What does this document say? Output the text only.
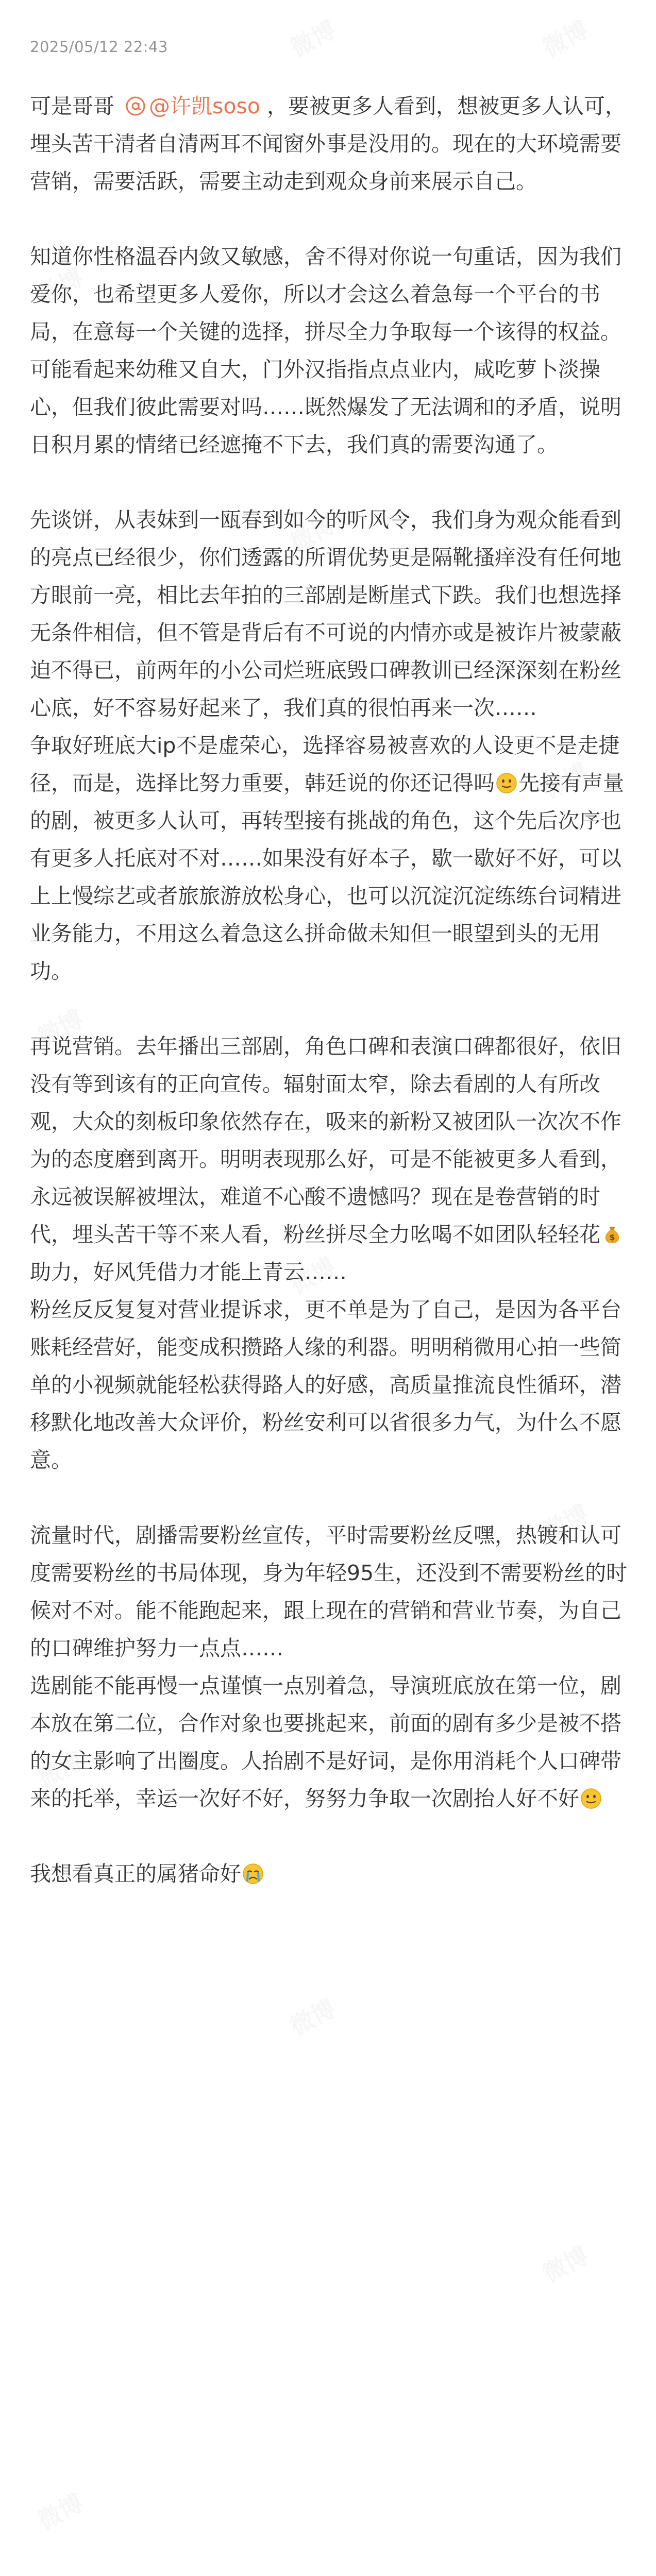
2025/05/12 22:43

可是哥哥 @许凯soso ，要被更多人看到，想被更多人认可，埋头苦干清者自清两耳不闻窗外事是没用的。现在的大环境需要营销，需要活跃，需要主动走到观众身前来展示自己。

知道你性格温吞内敛又敏感，舍不得对你说一句重话，因为我们爱你，也希望更多人爱你，所以才会这么着急每一个平台的书局，在意每一个关键的选择，拼尽全力争取每一个该得的权益。可能看起来幼稚又自大，门外汉指指点点业内，咸吃萝卜淡操心，但我们彼此需要对吗……既然爆发了无法调和的矛盾，说明日积月累的情绪已经遮掩不下去，我们真的需要沟通了。

先谈饼，从表妹到一瓯春到如今的听风令，我们身为观众能看到的亮点已经很少，你们透露的所谓优势更是隔靴搔痒没有任何地方眼前一亮，相比去年拍的三部剧是断崖式下跌。我们也想选择无条件相信，但不管是背后有不可说的内情亦或是被诈片被蒙蔽迫不得已，前两年的小公司烂班底毁口碑教训已经深深刻在粉丝心底，好不容易好起来了，我们真的很怕再来一次……

争取好班底大ip不是虚荣心，选择容易被喜欢的人设更不是走捷径，而是，选择比努力重要，韩廷说的你还记得吗 先接有声量的剧，被更多人认可，再转型接有挑战的角色，这个先后次序也有更多人托底对不对……如果没有好本子，歇一歇好不好，可以上上慢综艺或者旅旅游放松身心，也可以沉淀沉淀练练台词精进业务能力，不用这么着急这么拼命做未知但一眼望到头的无用功。

再说营销。去年播出三部剧，角色口碑和表演口碑都很好，依旧没有等到该有的正向宣传。辐射面太窄，除去看剧的人有所改观，大众的刻板印象依然存在，吸来的新粉又被团队一次次不作为的态度磨到离开。明明表现那么好，可是不能被更多人看到，永远被误解被埋汰，难道不心酸不遗憾吗？现在是卷营销的时代，埋头苦干等不来人看，粉丝拼尽全力吆喝不如团队轻轻花 $
助力，好风凭借力才能上青云……

粉丝反反复复对营业提诉求，更不单是为了自己，是因为各平台账耗经营好，能变成积攒路人缘的利器。明明稍微用心拍一些简单的小视频就能轻松获得路人的好感，高质量推流良性循环，潜移默化地改善大众评价，粉丝安利可以省很多力气，为什么不愿意。

流量时代，剧播需要粉丝宣传，平时需要粉丝反嘿，热镀和认可度需要粉丝的书局体现，身为年轻95生，还没到不需要粉丝的时候对不对。能不能跑起来，跟上现在的营销和营业节奏，为自己的口碑维护努力一点点……

选剧能不能再慢一点谨慎一点别着急，导演班底放在第一位，剧本放在第二位，合作对象也要挑起来，前面的剧有多少是被不搭的女主影响了出圈度。人抬剧不是好词，是你用消耗个人口碑带来的托举，幸运一次好不好，努努力争取一次剧抬人好不好

我想看真正的属猪命好
